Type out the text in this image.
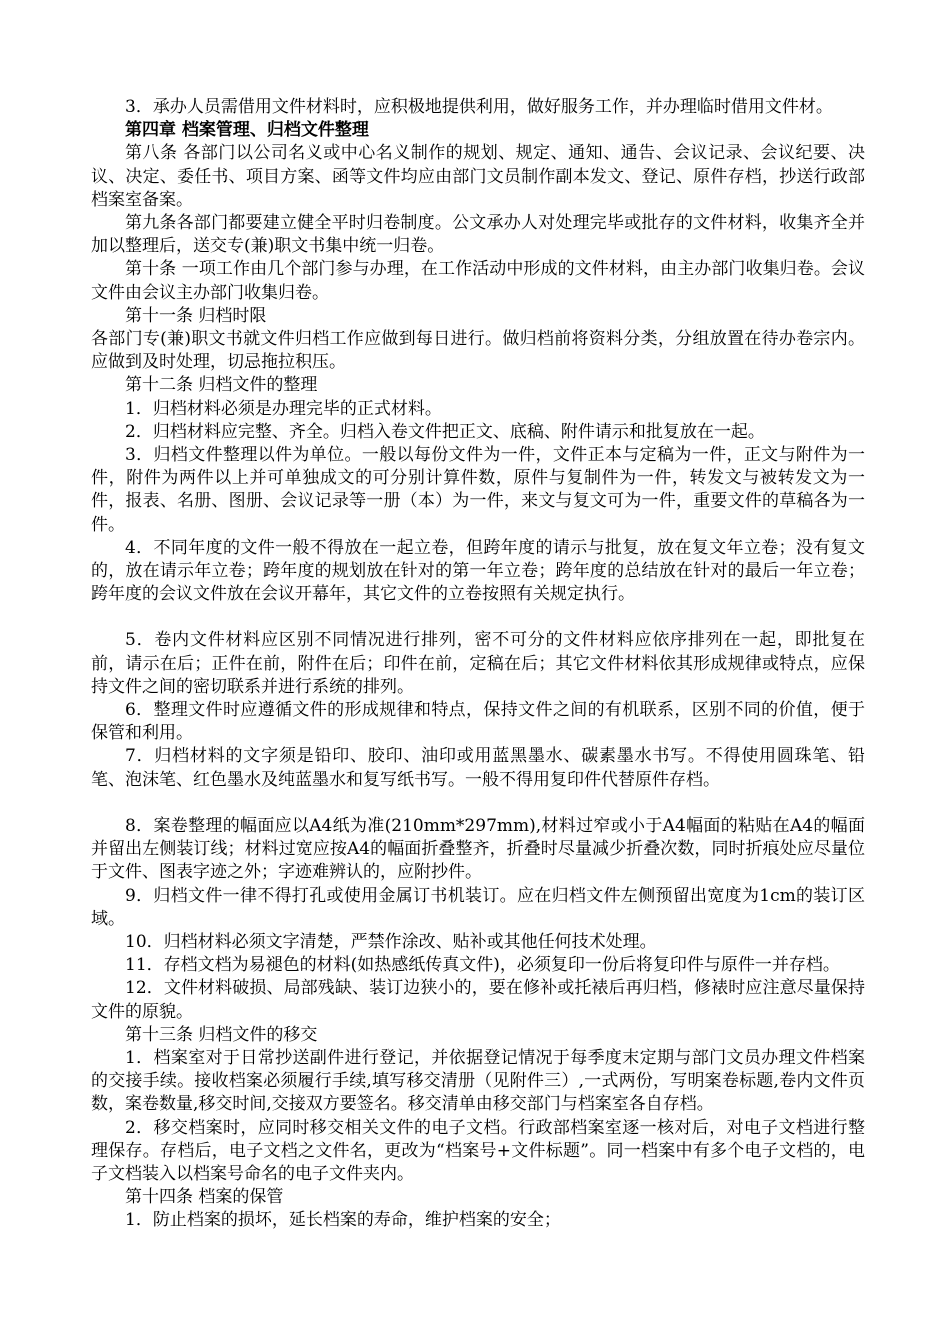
3．承办人员需借用文件材料时，应积极地提供利用，做好服务工作，并办理临时借用文件材。

第四章 档案管理、归档文件整理

第八条 各部门以公司名义或中心名义制作的规划、规定、通知、通告、会议记录、会议纪要、决议、决定、委任书、项目方案、函等文件均应由部门文员制作副本发文、登记、原件存档，抄送行政部档案室备案。

第九条各部门都要建立健全平时归卷制度。公文承办人对处理完毕或批存的文件材料，收集齐全并加以整理后，送交专(兼)职文书集中统一归卷。

第十条 一项工作由几个部门参与办理，在工作活动中形成的文件材料，由主办部门收集归卷。会议文件由会议主办部门收集归卷。

第十一条 归档时限

各部门专(兼)职文书就文件归档工作应做到每日进行。做归档前将资料分类，分组放置在待办卷宗内。应做到及时处理，切忌拖拉积压。

第十二条 归档文件的整理

1．归档材料必须是办理完毕的正式材料。

2．归档材料应完整、齐全。归档入卷文件把正文、底稿、附件请示和批复放在一起。

3．归档文件整理以件为单位。一般以每份文件为一件，文件正本与定稿为一件，正文与附件为一件，附件为两件以上并可单独成文的可分别计算件数，原件与复制件为一件，转发文与被转发文为一件，报表、名册、图册、会议记录等一册（本）为一件，来文与复文可为一件，重要文件的草稿各为一件。

4．不同年度的文件一般不得放在一起立卷，但跨年度的请示与批复，放在复文年立卷；没有复文的，放在请示年立卷；跨年度的规划放在针对的第一年立卷；跨年度的总结放在针对的最后一年立卷；跨年度的会议文件放在会议开幕年，其它文件的立卷按照有关规定执行。

5．卷内文件材料应区别不同情况进行排列，密不可分的文件材料应依序排列在一起，即批复在前，请示在后；正件在前，附件在后；印件在前，定稿在后；其它文件材料依其形成规律或特点，应保持文件之间的密切联系并进行系统的排列。

6．整理文件时应遵循文件的形成规律和特点，保持文件之间的有机联系，区别不同的价值，便于保管和利用。

7．归档材料的文字须是铅印、胶印、油印或用蓝黑墨水、碳素墨水书写。不得使用圆珠笔、铅笔、泡沫笔、红色墨水及纯蓝墨水和复写纸书写。一般不得用复印件代替原件存档。

8．案卷整理的幅面应以A4纸为准(210mm*297mm),材料过窄或小于A4幅面的粘贴在A4的幅面并留出左侧装订线；材料过宽应按A4的幅面折叠整齐，折叠时尽量减少折叠次数，同时折痕处应尽量位于文件、图表字迹之外；字迹难辨认的，应附抄件。

9．归档文件一律不得打孔或使用金属订书机装订。应在归档文件左侧预留出宽度为1cm的装订区域。

10．归档材料必须文字清楚，严禁作涂改、贴补或其他任何技术处理。

11．存档文档为易褪色的材料(如热感纸传真文件)，必须复印一份后将复印件与原件一并存档。

12．文件材料破损、局部残缺、装订边狭小的，要在修补或托裱后再归档，修裱时应注意尽量保持文件的原貌。

第十三条 归档文件的移交

1．档案室对于日常抄送副件进行登记，并依据登记情况于每季度末定期与部门文员办理文件档案的交接手续。接收档案必须履行手续,填写移交清册（见附件三）,一式两份，写明案卷标题,卷内文件页数，案卷数量,移交时间,交接双方要签名。移交清单由移交部门与档案室各自存档。

2．移交档案时，应同时移交相关文件的电子文档。行政部档案室逐一核对后，对电子文档进行整理保存。存档后，电子文档之文件名，更改为“档案号+文件标题”。同一档案中有多个电子文档的，电子文档装入以档案号命名的电子文件夹内。

第十四条 档案的保管

1．防止档案的损坏，延长档案的寿命，维护档案的安全；
